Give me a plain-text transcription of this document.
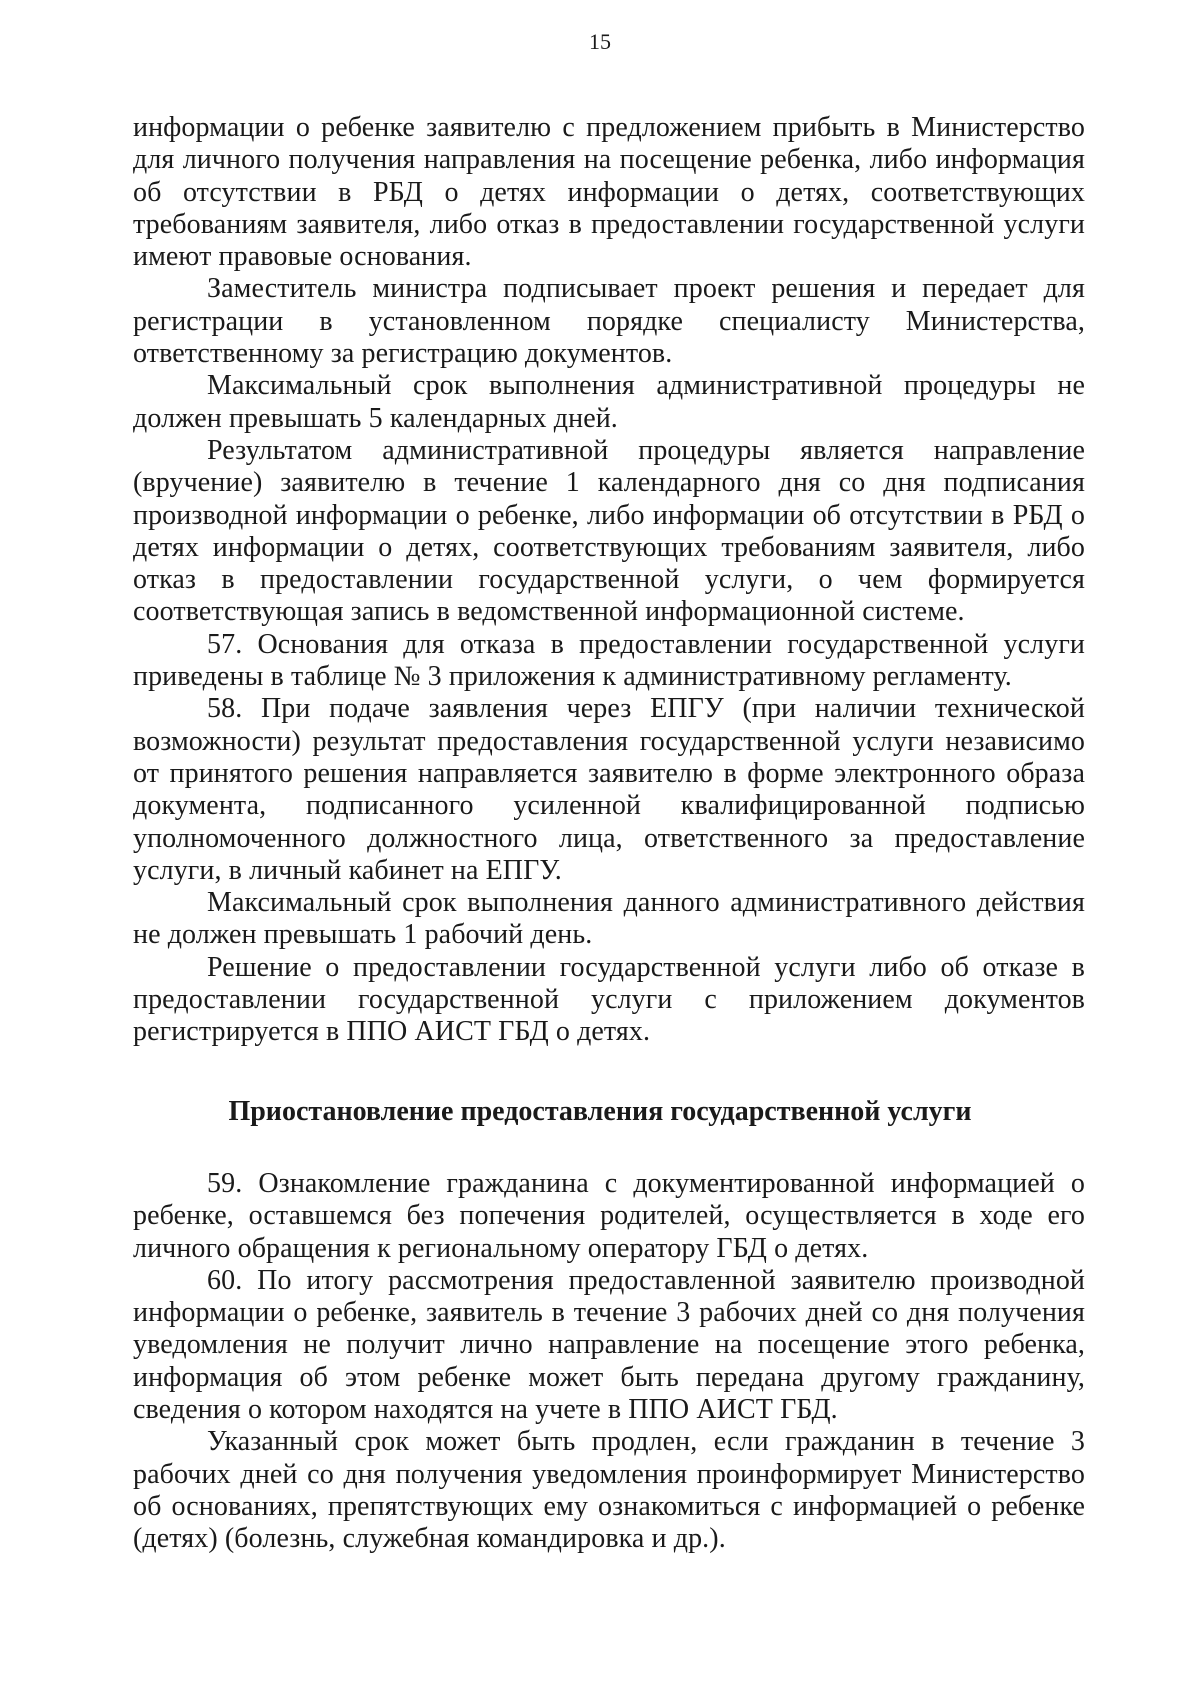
15

информации о ребенке заявителю с предложением прибыть в Министерство для личного получения направления на посещение ребенка, либо информация об отсутствии в РБД о детях информации о детях, соответствующих требованиям заявителя, либо отказ в предоставлении государственной услуги имеют правовые основания.

Заместитель министра подписывает проект решения и передает для регистрации в установленном порядке специалисту Министерства, ответственному за регистрацию документов.

Максимальный срок выполнения административной процедуры не должен превышать 5 календарных дней.

Результатом административной процедуры является направление (вручение) заявителю в течение 1 календарного дня со дня подписания производной информации о ребенке, либо информации об отсутствии в РБД о детях информации о детях, соответствующих требованиям заявителя, либо отказ в предоставлении государственной услуги, о чем формируется соответствующая запись в ведомственной информационной системе.

57. Основания для отказа в предоставлении государственной услуги приведены в таблице № 3 приложения к административному регламенту.

58. При подаче заявления через ЕПГУ (при наличии технической возможности) результат предоставления государственной услуги независимо от принятого решения направляется заявителю в форме электронного образа документа, подписанного усиленной квалифицированной подписью уполномоченного должностного лица, ответственного за предоставление услуги, в личный кабинет на ЕПГУ.

Максимальный срок выполнения данного административного действия не должен превышать 1 рабочий день.

Решение о предоставлении государственной услуги либо об отказе в предоставлении государственной услуги с приложением документов регистрируется в ППО АИСТ ГБД о детях.

Приостановление предоставления государственной услуги

59. Ознакомление гражданина с документированной информацией о ребенке, оставшемся без попечения родителей, осуществляется в ходе его личного обращения к региональному оператору ГБД о детях.

60. По итогу рассмотрения предоставленной заявителю производной информации о ребенке, заявитель в течение 3 рабочих дней со дня получения уведомления не получит лично направление на посещение этого ребенка, информация об этом ребенке может быть передана другому гражданину, сведения о котором находятся на учете в ППО АИСТ ГБД.

Указанный срок может быть продлен, если гражданин в течение 3 рабочих дней со дня получения уведомления проинформирует Министерство об основаниях, препятствующих ему ознакомиться с информацией о ребенке (детях) (болезнь, служебная командировка и др.).
